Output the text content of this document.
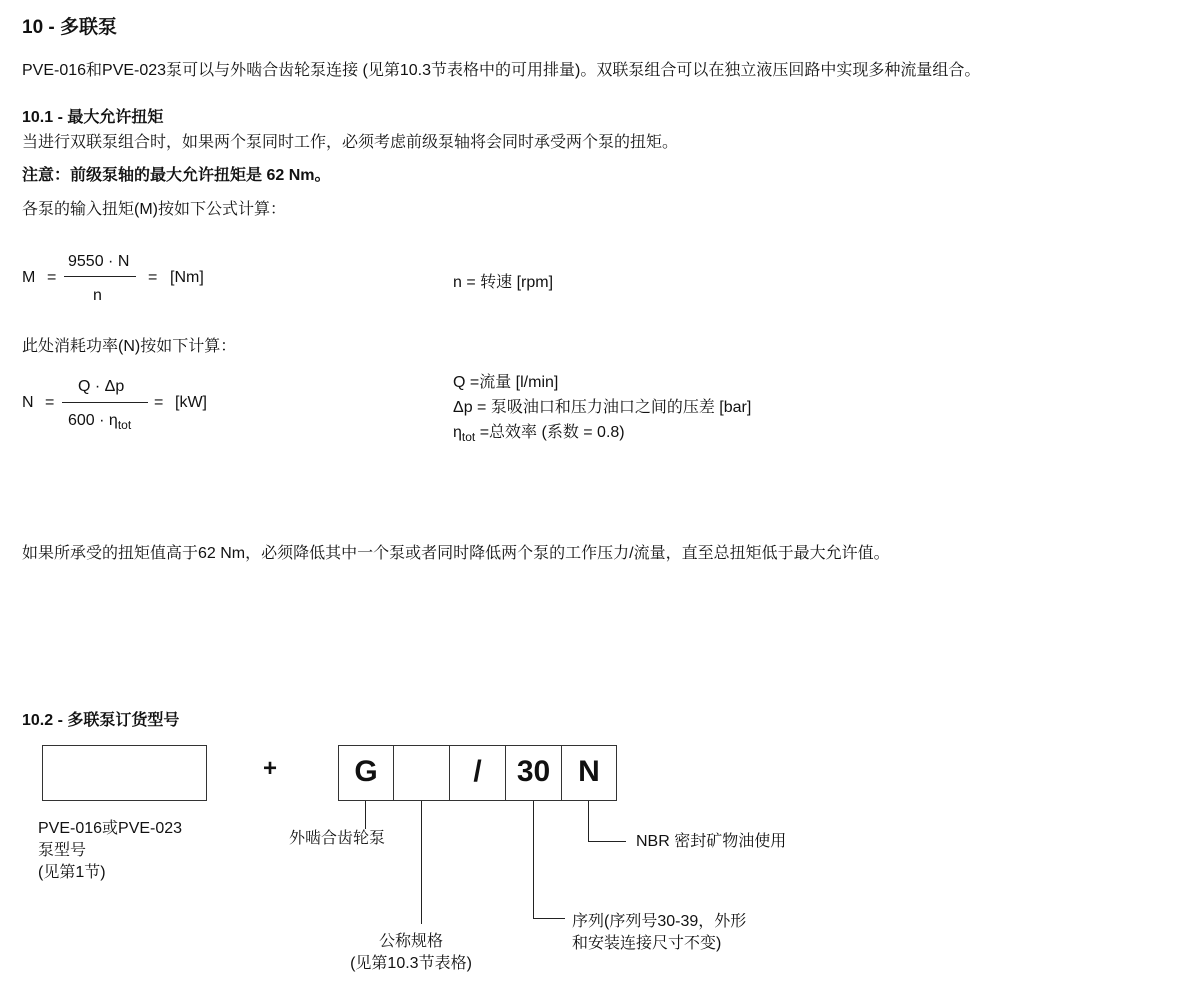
10 - 多联泵
PVE-016和PVE-023泵可以与外啮合齿轮泵连接 (见第10.3节表格中的可用排量)。双联泵组合可以在独立液压回路中实现多种流量组合。
10.1 - 最大允许扭矩
当进行双联泵组合时，如果两个泵同时工作，必须考虑前级泵轴将会同时承受两个泵的扭矩。
注意：前级泵轴的最大允许扭矩是 62 Nm。
各泵的输入扭矩(M)按如下公式计算：
M =
9550 · N
n
= [Nm]	n = 转速 [rpm]
此处消耗功率(N)按如下计算：
N =
Q · Δp
$600 \cdot \eta_{tot}$
= [kW]
Q =流量 [l/min]
Δp = 泵吸油口和压力油口之间的压差 [bar]
$\eta_{tot}$ =总效率 (系数 = 0.8)
如果所承受的扭矩值高于62 Nm，必须降低其中一个泵或者同时降低两个泵的工作压力/流量，直至总扭矩低于最大允许值。
10.2 - 多联泵订货型号
+	G	/	30 N
PVE-016或PVE-023
泵型号
(见第1节)
外啮合齿轮泵	NBR 密封矿物油使用
公称规格
(见第10.3节表格)
序列(序列号30-39，外形
和安装连接尺寸不变)
